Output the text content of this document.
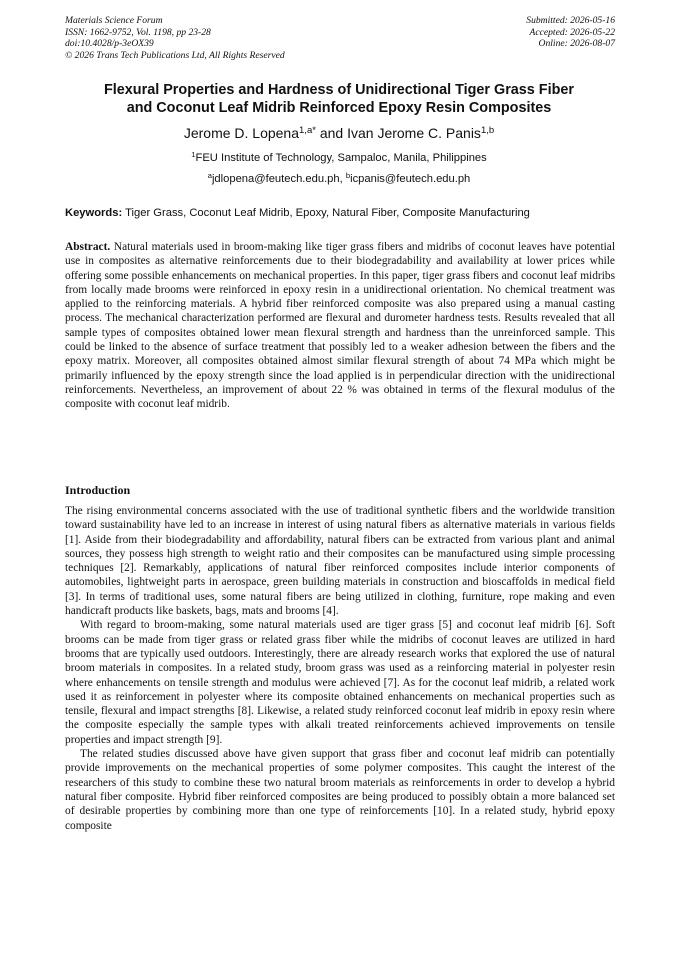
Materials Science Forum
ISSN: 1662-9752, Vol. 1198, pp 23-28
doi:10.4028/p-3eOX39
© 2026 Trans Tech Publications Ltd, All Rights Reserved
Submitted: 2026-05-16
Accepted: 2026-05-22
Online: 2026-08-07
Flexural Properties and Hardness of Unidirectional Tiger Grass Fiber
and Coconut Leaf Midrib Reinforced Epoxy Resin Composites
Jerome D. Lopena$^{1,a*}$ and Ivan Jerome C. Panis$^{1,b}$
$^1$FEU Institute of Technology, Sampaloc, Manila, Philippines
$^a$jdlopena@feutech.edu.ph, $^b$icpanis@feutech.edu.ph
Keywords: Tiger Grass, Coconut Leaf Midrib, Epoxy, Natural Fiber, Composite Manufacturing
Abstract. Natural materials used in broom-making like tiger grass fibers and midribs of coconut leaves have potential use in composites as alternative reinforcements due to their biodegradability and availability at lower prices while offering some possible enhancements on mechanical properties. In this paper, tiger grass fibers and coconut leaf midribs from locally made brooms were reinforced in epoxy resin in a unidirectional orientation. No chemical treatment was applied to the reinforcing materials. A hybrid fiber reinforced composite was also prepared using a manual casting process. The mechanical characterization performed are flexural and durometer hardness tests. Results revealed that all sample types of composites obtained lower mean flexural strength and hardness than the unreinforced sample. This could be linked to the absence of surface treatment that possibly led to a weaker adhesion between the fibers and the epoxy matrix. Moreover, all composites obtained almost similar flexural strength of about 74 MPa which might be primarily influenced by the epoxy strength since the load applied is in perpendicular direction with the unidirectional reinforcements. Nevertheless, an improvement of about 22 % was obtained in terms of the flexural modulus of the composite with coconut leaf midrib.
Introduction

The rising environmental concerns associated with the use of traditional synthetic fibers and the worldwide transition toward sustainability have led to an increase in interest of using natural fibers as alternative materials in various fields [1]. Aside from their biodegradability and affordability, natural fibers can be extracted from various plant and animal sources, they possess high strength to weight ratio and their composites can be manufactured using simple processing techniques [2]. Remarkably, applications of natural fiber reinforced composites include interior components of automobiles, lightweight parts in aerospace, green building materials in construction and bioscaffolds in medical field [3]. In terms of traditional uses, some natural fibers are being utilized in clothing, furniture, rope making and even handicraft products like baskets, bags, mats and brooms [4].

With regard to broom-making, some natural materials used are tiger grass [5] and coconut leaf midrib [6]. Soft brooms can be made from tiger grass or related grass fiber while the midribs of coconut leaves are utilized in hard brooms that are typically used outdoors. Interestingly, there are already research works that explored the use of natural broom materials in composites. In a related study, broom grass was used as a reinforcing material in polyester resin where enhancements on tensile strength and modulus were achieved [7]. As for the coconut leaf midrib, a related work used it as reinforcement in polyester where its composite obtained enhancements on mechanical properties such as tensile, flexural and impact strengths [8]. Likewise, a related study reinforced coconut leaf midrib in epoxy resin where the composite especially the sample types with alkali treated reinforcements achieved improvements on tensile properties and impact strength [9].

The related studies discussed above have given support that grass fiber and coconut leaf midrib can potentially provide improvements on the mechanical properties of some polymer composites. This caught the interest of the researchers of this study to combine these two natural broom materials as reinforcements in order to develop a hybrid natural fiber composite. Hybrid fiber reinforced composites are being produced to possibly obtain a more balanced set of desirable properties by combining more than one type of reinforcements [10]. In a related study, hybrid epoxy composite
